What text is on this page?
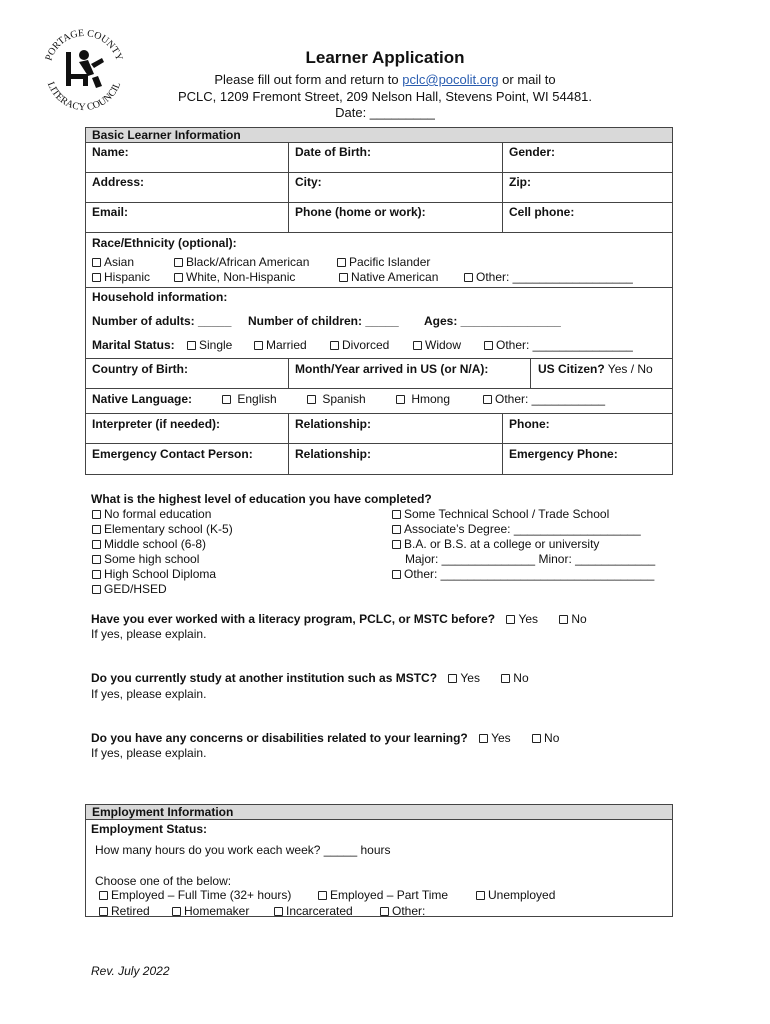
PORTAGE COUNTY
LITERACY COUNCIL
Learner Application
Please fill out form and return to pclc@pocolit.org or mail to
PCLC, 1209 Fremont Street, 209 Nelson Hall, Stevens Point, WI 54481.
Date: _________
Basic Learner Information
Name:	Date of Birth:	Gender:
Address:	City:	Zip:
Email:	Phone (home or work):	Cell phone:
Race/Ethnicity (optional):
Asian	Black/African American	Pacific Islander
Hispanic	White, Non-Hispanic	Native American	Other: __________________
Household information:
Number of adults: _____ Number of children: _____ Ages: _______________
Marital Status:	Single	Married	Divorced	Widow	Other: _______________
Country of Birth:	Month/Year arrived in US (or N/A):	US Citizen? Yes / No
Native Language:	English	Spanish	Hmong	Other: ___________
Interpreter (if needed):	Relationship:	Phone:
Emergency Contact Person:	Relationship:	Emergency Phone:
What is the highest level of education you have completed?
No formal education
Elementary school (K-5)
Middle school (6-8)
Some high school
High School Diploma
GED/HSED
Some Technical School / Trade School
Associate’s Degree: ___________________
B.A. or B.S. at a college or university
Major: ______________ Minor: ____________
Other: ________________________________
Have you ever worked with a literacy program, PCLC, or MSTC before? Yes	No
If yes, please explain.
Do you currently study at another institution such as MSTC? Yes	No
If yes, please explain.
Do you have any concerns or disabilities related to your learning? Yes	No
If yes, please explain.
Employment Information
Employment Status:
How many hours do you work each week? _____ hours
Choose one of the below:
Employed – Full Time (32+ hours)	Employed – Part Time	Unemployed
Retired	Homemaker	Incarcerated	Other:
Rev. July 2022
